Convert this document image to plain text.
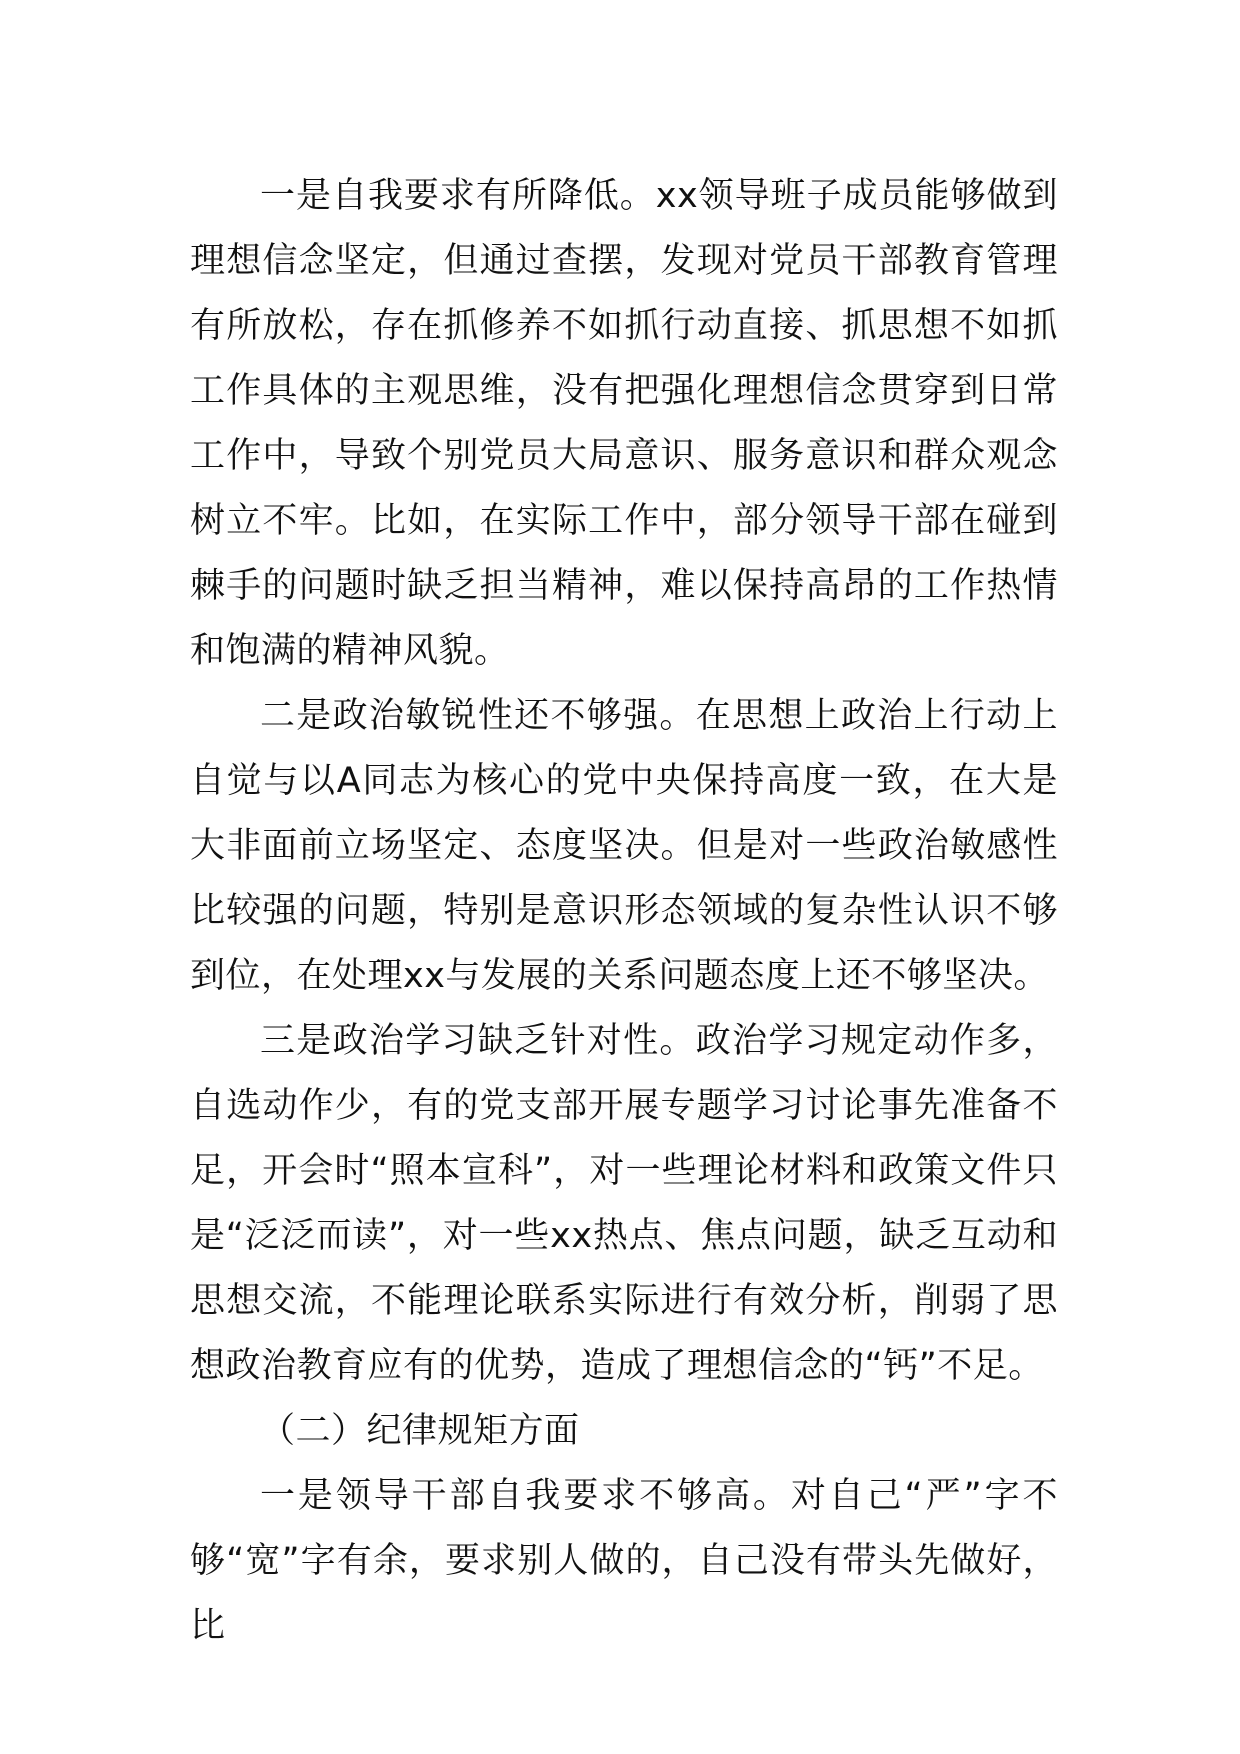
一是自我要求有所降低。xx领导班子成员能够做到理想信念坚定，但通过查摆，发现对党员干部教育管理有所放松，存在抓修养不如抓行动直接、抓思想不如抓工作具体的主观思维，没有把强化理想信念贯穿到日常工作中，导致个别党员大局意识、服务意识和群众观念树立不牢。比如，在实际工作中，部分领导干部在碰到棘手的问题时缺乏担当精神，难以保持高昂的工作热情和饱满的精神风貌。

二是政治敏锐性还不够强。在思想上政治上行动上自觉与以A同志为核心的党中央保持高度一致，在大是大非面前立场坚定、态度坚决。但是对一些政治敏感性比较强的问题，特别是意识形态领域的复杂性认识不够到位，在处理xx与发展的关系问题态度上还不够坚决。

三是政治学习缺乏针对性。政治学习规定动作多，自选动作少，有的党支部开展专题学习讨论事先准备不足，开会时“照本宣科”，对一些理论材料和政策文件只是“泛泛而读”，对一些xx热点、焦点问题，缺乏互动和思想交流，不能理论联系实际进行有效分析，削弱了思想政治教育应有的优势，造成了理想信念的“钙”不足。

（二）纪律规矩方面

一是领导干部自我要求不够高。对自己“严”字不够“宽”字有余，要求别人做的，自己没有带头先做好，比
